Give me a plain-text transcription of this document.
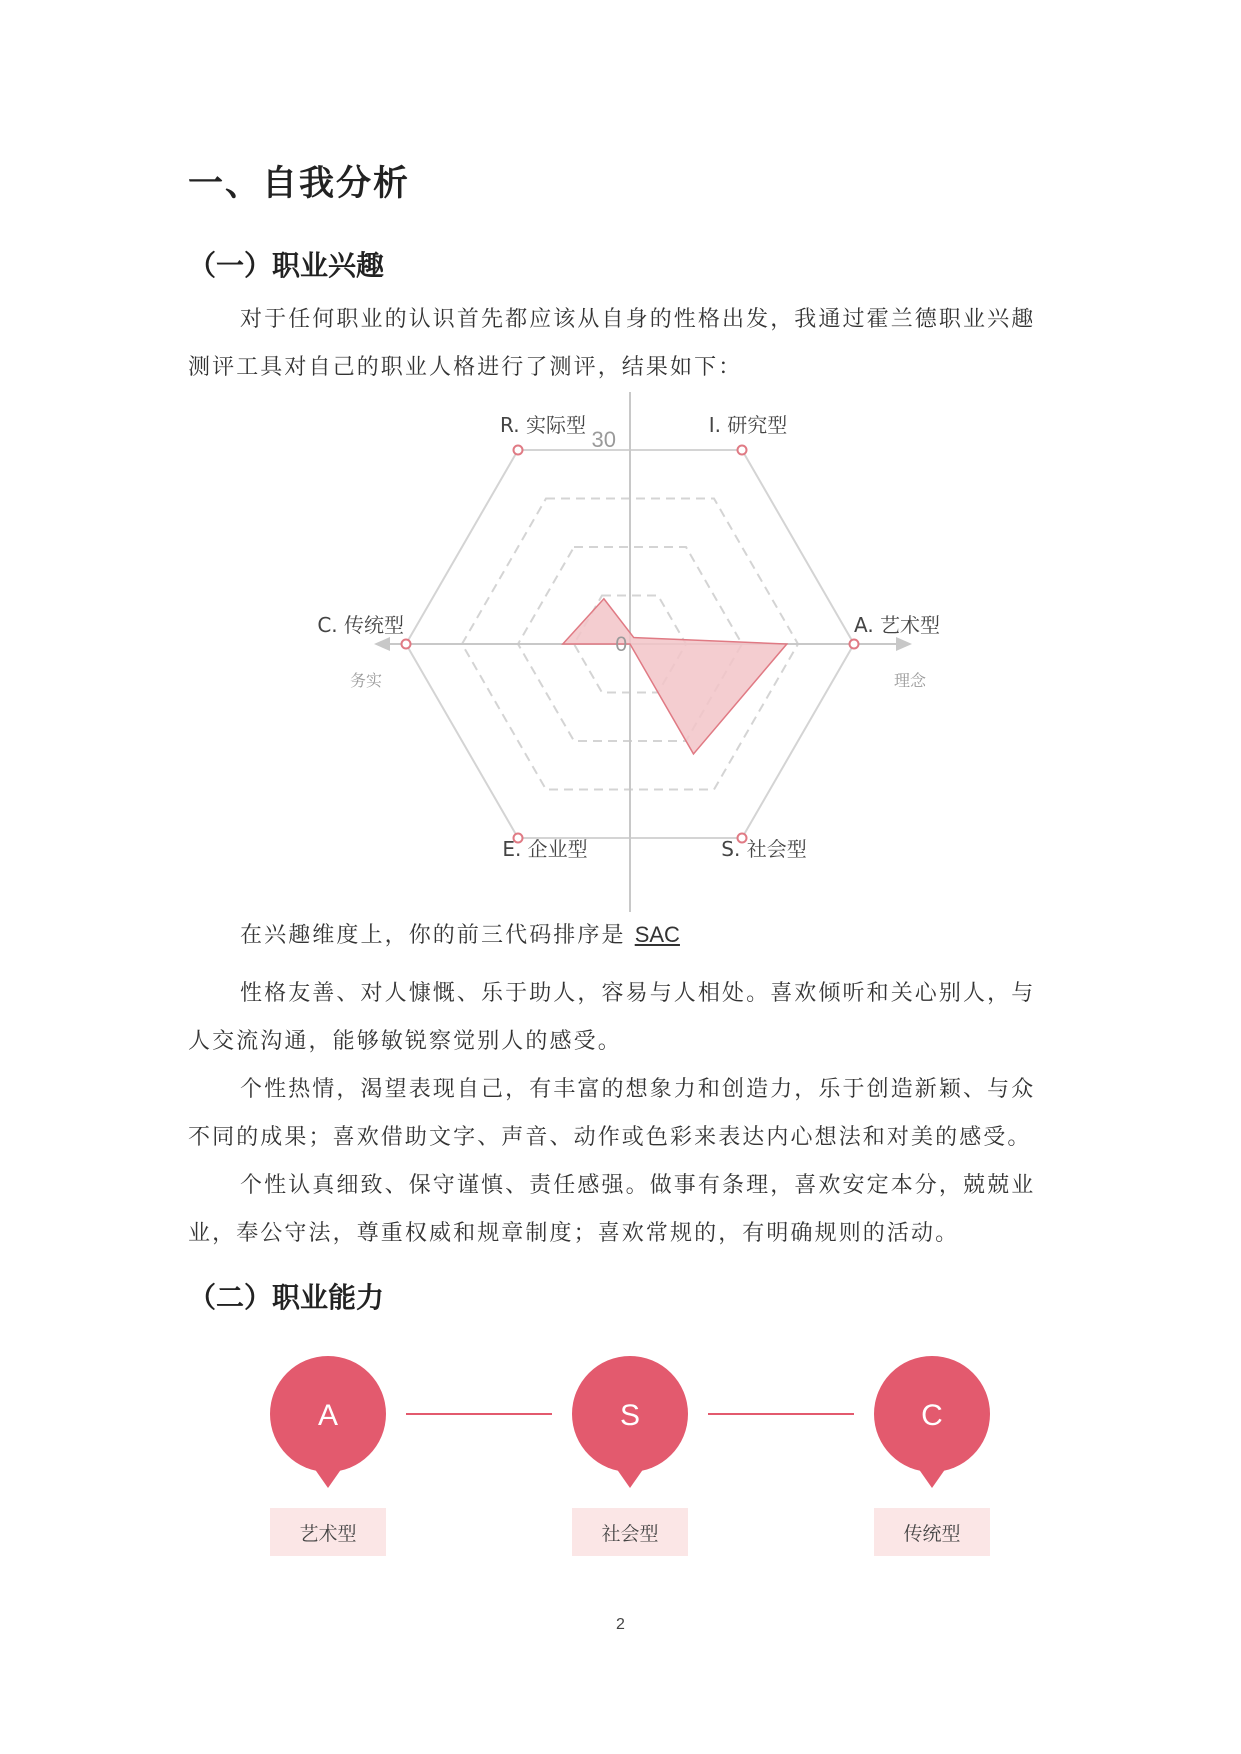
一、自我分析
（一）职业兴趣
对于任何职业的认识首先都应该从自身的性格出发，我通过霍兰德职业兴趣测评工具对自己的职业人格进行了测评，结果如下：
R. 实际型	I. 研究型
A. 艺术型
S. 社会型
E. 企业型
C. 传统型
30
0
务实	理念
在兴趣维度上，你的前三代码排序是 SAC
性格友善、对人慷慨、乐于助人，容易与人相处。喜欢倾听和关心别人，与人交流沟通，能够敏锐察觉别人的感受。
个性热情，渴望表现自己，有丰富的想象力和创造力，乐于创造新颖、与众不同的成果；喜欢借助文字、声音、动作或色彩来表达内心想法和对美的感受。
个性认真细致、保守谨慎、责任感强。做事有条理，喜欢安定本分，兢兢业业，奉公守法，尊重权威和规章制度；喜欢常规的，有明确规则的活动。
（二）职业能力
A
艺术型
S
社会型
C
传统型
2
